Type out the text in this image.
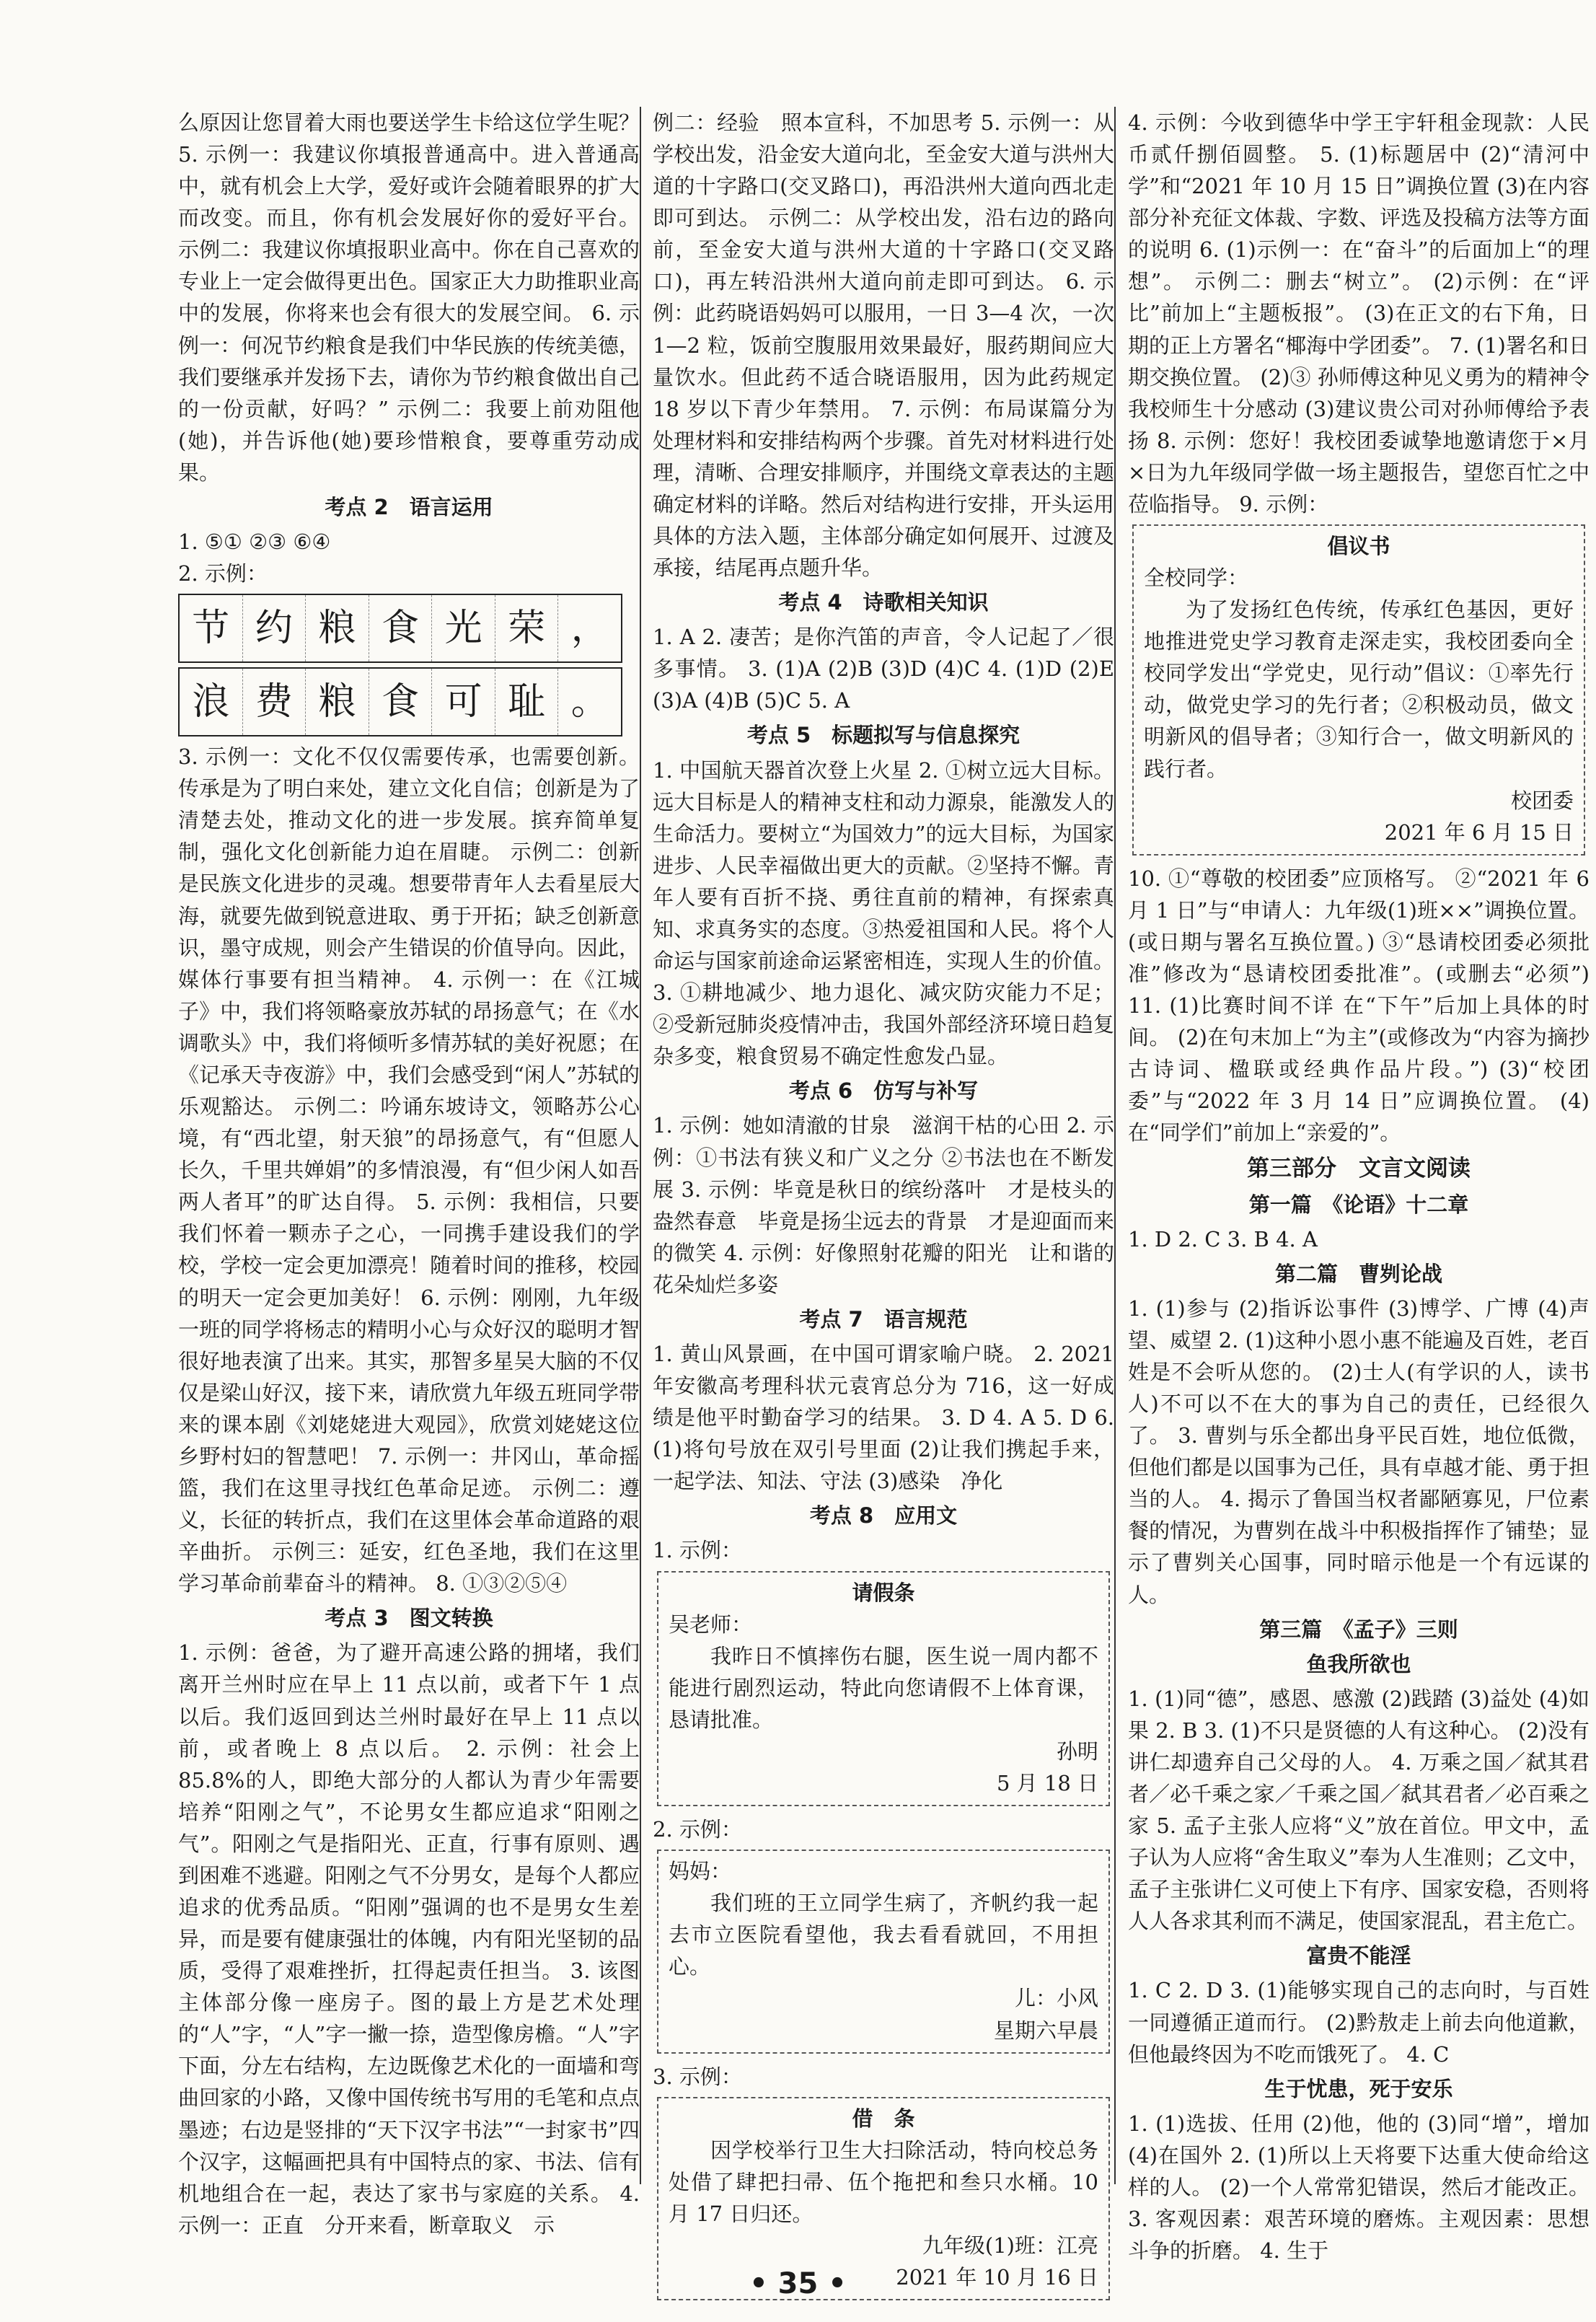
么原因让您冒着大雨也要送学生卡给这位学生呢？ 5. 示例一：我建议你填报普通高中。进入普通高中，就有机会上大学，爱好或许会随着眼界的扩大而改变。而且，你有机会发展好你的爱好平台。 示例二：我建议你填报职业高中。你在自己喜欢的专业上一定会做得更出色。国家正大力助推职业高中的发展，你将来也会有很大的发展空间。 6. 示例一：何况节约粮食是我们中华民族的传统美德，我们要继承并发扬下去，请你为节约粮食做出自己的一份贡献，好吗？” 示例二：我要上前劝阻他(她)，并告诉他(她)要珍惜粮食，要尊重劳动成果。

考点 2　语言运用

1. ⑤① ②③ ⑥④

2. 示例：

节 约 粮 食 光 荣 ，
浪 费 粮 食 可 耻 。

3. 示例一：文化不仅仅需要传承，也需要创新。传承是为了明白来处，建立文化自信；创新是为了清楚去处，推动文化的进一步发展。摈弃简单复制，强化文化创新能力迫在眉睫。 示例二：创新是民族文化进步的灵魂。想要带青年人去看星辰大海，就要先做到锐意进取、勇于开拓；缺乏创新意识，墨守成规，则会产生错误的价值导向。因此，媒体行事要有担当精神。 4. 示例一：在《江城子》中，我们将领略豪放苏轼的昂扬意气；在《水调歌头》中，我们将倾听多情苏轼的美好祝愿；在《记承天寺夜游》中，我们会感受到“闲人”苏轼的乐观豁达。 示例二：吟诵东坡诗文，领略苏公心境，有“西北望，射天狼”的昂扬意气，有“但愿人长久，千里共婵娟”的多情浪漫，有“但少闲人如吾两人者耳”的旷达自得。 5. 示例：我相信，只要我们怀着一颗赤子之心，一同携手建设我们的学校，学校一定会更加漂亮！随着时间的推移，校园的明天一定会更加美好！ 6. 示例：刚刚，九年级一班的同学将杨志的精明小心与众好汉的聪明才智很好地表演了出来。其实，那智多星吴大脑的不仅仅是梁山好汉，接下来，请欣赏九年级五班同学带来的课本剧《刘姥姥进大观园》，欣赏刘姥姥这位乡野村妇的智慧吧！ 7. 示例一：井冈山，革命摇篮，我们在这里寻找红色革命足迹。 示例二：遵义，长征的转折点，我们在这里体会革命道路的艰辛曲折。 示例三：延安，红色圣地，我们在这里学习革命前辈奋斗的精神。 8. ①③②⑤④

考点 3　图文转换

1. 示例：爸爸，为了避开高速公路的拥堵，我们离开兰州时应在早上 11 点以前，或者下午 1 点以后。我们返回到达兰州时最好在早上 11 点以前，或者晚上 8 点以后。 2. 示例：社会上 85.8%的人，即绝大部分的人都认为青少年需要培养“阳刚之气”，不论男女生都应追求“阳刚之气”。阳刚之气是指阳光、正直，行事有原则、遇到困难不逃避。阳刚之气不分男女，是每个人都应追求的优秀品质。“阳刚”强调的也不是男女生差异，而是要有健康强壮的体魄，内有阳光坚韧的品质，受得了艰难挫折，扛得起责任担当。 3. 该图主体部分像一座房子。图的最上方是艺术处理的“人”字，“人”字一撇一捺，造型像房檐。“人”字下面，分左右结构，左边既像艺术化的一面墙和弯曲回家的小路，又像中国传统书写用的毛笔和点点墨迹；右边是竖排的“天下汉字书法”“一封家书”四个汉字，这幅画把具有中国特点的家、书法、信有机地组合在一起，表达了家书与家庭的关系。 4. 示例一：正直　分开来看，断章取义　示

例二：经验　照本宣科，不加思考 5. 示例一：从学校出发，沿金安大道向北，至金安大道与洪州大道的十字路口(交叉路口)，再沿洪州大道向西北走即可到达。 示例二：从学校出发，沿右边的路向前，至金安大道与洪州大道的十字路口(交叉路口)，再左转沿洪州大道向前走即可到达。 6. 示例：此药晓语妈妈可以服用，一日 3—4 次，一次 1—2 粒，饭前空腹服用效果最好，服药期间应大量饮水。但此药不适合晓语服用，因为此药规定 18 岁以下青少年禁用。 7. 示例：布局谋篇分为处理材料和安排结构两个步骤。首先对材料进行处理，清晰、合理安排顺序，并围绕文章表达的主题确定材料的详略。然后对结构进行安排，开头运用具体的方法入题，主体部分确定如何展开、过渡及承接，结尾再点题升华。

考点 4　诗歌相关知识

1. A 2. 凄苦；是你汽笛的声音，令人记起了／很多事情。 3. (1)A (2)B (3)D (4)C 4. (1)D (2)E (3)A (4)B (5)C 5. A

考点 5　标题拟写与信息探究

1. 中国航天器首次登上火星 2. ①树立远大目标。远大目标是人的精神支柱和动力源泉，能激发人的生命活力。要树立“为国效力”的远大目标，为国家进步、人民幸福做出更大的贡献。②坚持不懈。青年人要有百折不挠、勇往直前的精神，有探索真知、求真务实的态度。③热爱祖国和人民。将个人命运与国家前途命运紧密相连，实现人生的价值。 3. ①耕地减少、地力退化、减灾防灾能力不足；②受新冠肺炎疫情冲击，我国外部经济环境日趋复杂多变，粮食贸易不确定性愈发凸显。

考点 6　仿写与补写

1. 示例：她如清澈的甘泉　滋润干枯的心田 2. 示例：①书法有狭义和广义之分 ②书法也在不断发展 3. 示例：毕竟是秋日的缤纷落叶　才是枝头的盎然春意　毕竟是扬尘远去的背景　才是迎面而来的微笑 4. 示例：好像照射花瓣的阳光　让和谐的花朵灿烂多姿

考点 7　语言规范

1. 黄山风景画，在中国可谓家喻户晓。 2. 2021 年安徽高考理科状元袁宵总分为 716，这一好成绩是他平时勤奋学习的结果。 3. D 4. A 5. D 6. (1)将句号放在双引号里面 (2)让我们携起手来，一起学法、知法、守法 (3)感染　净化

考点 8　应用文

1. 示例：

请假条
吴老师：

我昨日不慎摔伤右腿，医生说一周内都不能进行剧烈运动，特此向您请假不上体育课，恳请批准。

孙明
5 月 18 日

2. 示例：

妈妈：

我们班的王立同学生病了，齐帆约我一起去市立医院看望他，我去看看就回，不用担心。

儿：小风
星期六早晨

3. 示例：

借　条

因学校举行卫生大扫除活动，特向校总务处借了肆把扫帚、伍个拖把和叁只水桶。10 月 17 日归还。

九年级(1)班：江亮
2021 年 10 月 16 日

4. 示例：今收到德华中学王宇轩租金现款：人民币贰仟捌佰圆整。 5. (1)标题居中 (2)“清河中学”和“2021 年 10 月 15 日”调换位置 (3)在内容部分补充征文体裁、字数、评选及投稿方法等方面的说明 6. (1)示例一：在“奋斗”的后面加上“的理想”。 示例二：删去“树立”。 (2)示例：在“评比”前加上“主题板报”。 (3)在正文的右下角，日期的正上方署名“椰海中学团委”。 7. (1)署名和日期交换位置。 (2)③ 孙师傅这种见义勇为的精神令我校师生十分感动 (3)建议贵公司对孙师傅给予表扬 8. 示例：您好！我校团委诚挚地邀请您于×月×日为九年级同学做一场主题报告，望您百忙之中莅临指导。 9. 示例：

倡议书
全校同学：

为了发扬红色传统，传承红色基因，更好地推进党史学习教育走深走实，我校团委向全校同学发出“学党史，见行动”倡议：①率先行动，做党史学习的先行者；②积极动员，做文明新风的倡导者；③知行合一，做文明新风的践行者。

校团委
2021 年 6 月 15 日

10. ①“尊敬的校团委”应顶格写。 ②“2021 年 6 月 1 日”与“申请人：九年级(1)班××”调换位置。(或日期与署名互换位置。) ③“恳请校团委必须批准”修改为“恳请校团委批准”。(或删去“必须”) 11. (1)比赛时间不详 在“下午”后加上具体的时间。 (2)在句末加上“为主”(或修改为“内容为摘抄古诗词、楹联或经典作品片段。”) (3)“校团委”与“2022 年 3 月 14 日”应调换位置。 (4)在“同学们”前加上“亲爱的”。

第三部分　文言文阅读
第一篇　《论语》十二章

1. D 2. C 3. B 4. A

第二篇　曹刿论战

1. (1)参与 (2)指诉讼事件 (3)博学、广博 (4)声望、威望 2. (1)这种小恩小惠不能遍及百姓，老百姓是不会听从您的。 (2)士人(有学识的人，读书人)不可以不在大的事为自己的责任，已经很久了。 3. 曹刿与乐全都出身平民百姓，地位低微，但他们都是以国事为己任，具有卓越才能、勇于担当的人。 4. 揭示了鲁国当权者鄙陋寡见，尸位素餐的情况，为曹刿在战斗中积极指挥作了铺垫；显示了曹刿关心国事，同时暗示他是一个有远谋的人。

第三篇　《孟子》三则
鱼我所欲也

1. (1)同“德”，感恩、感激 (2)践踏 (3)益处 (4)如果 2. B 3. (1)不只是贤德的人有这种心。 (2)没有讲仁却遗弃自己父母的人。 4. 万乘之国／弑其君者／必千乘之家／千乘之国／弑其君者／必百乘之家 5. 孟子主张人应将“义”放在首位。甲文中，孟子认为人应将“舍生取义”奉为人生准则；乙文中，孟子主张讲仁义可使上下有序、国家安稳，否则将人人各求其利而不满足，使国家混乱，君主危亡。

富贵不能淫

1. C 2. D 3. (1)能够实现自己的志向时，与百姓一同遵循正道而行。 (2)黔敖走上前去向他道歉，但他最终因为不吃而饿死了。 4. C

生于忧患，死于安乐

1. (1)选拔、任用 (2)他，他的 (3)同“增”，增加 (4)在国外 2. (1)所以上天将要下达重大使命给这样的人。 (2)一个人常常犯错误，然后才能改正。 3. 客观因素：艰苦环境的磨炼。主观因素：思想斗争的折磨。 4. 生于

• 35 •
